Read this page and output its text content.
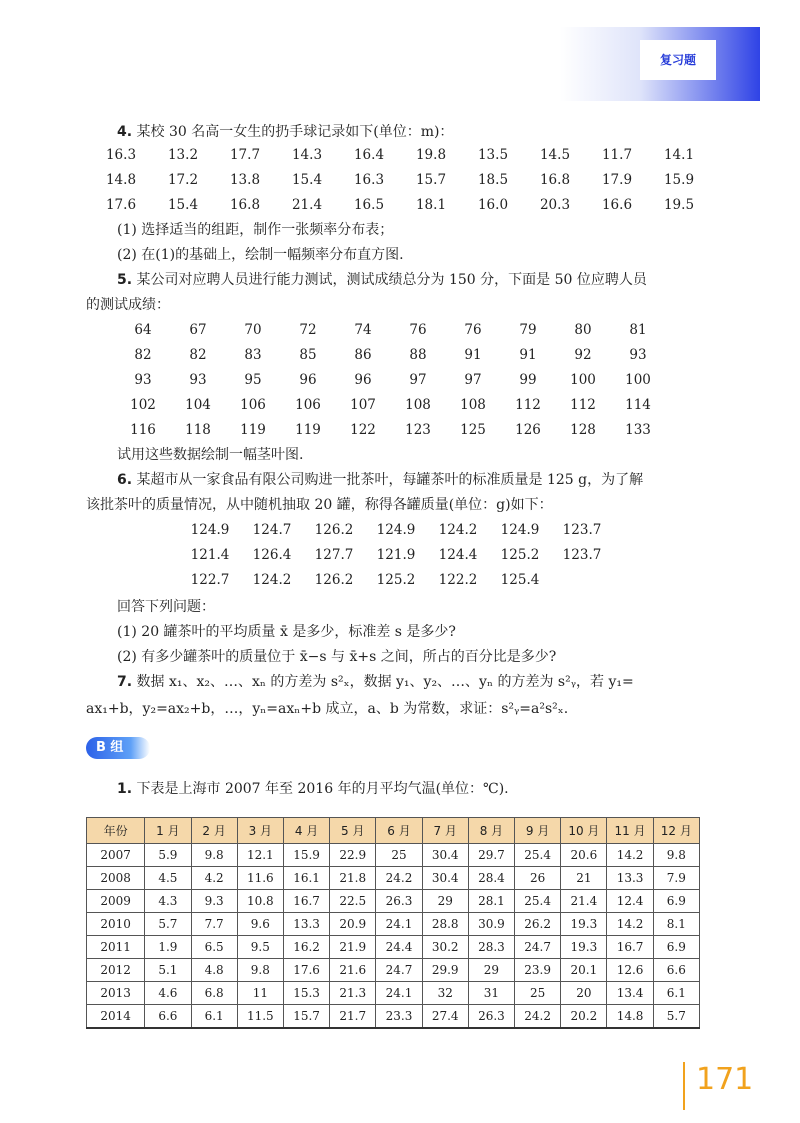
复习题
4. 某校 30 名高一女生的扔手球记录如下(单位：m)：
16.3	13.2	17.7	14.3	16.4	19.8	13.5	14.5	11.7	14.1
14.8	17.2	13.8	15.4	16.3	15.7	18.5	16.8	17.9	15.9
17.6	15.4	16.8	21.4	16.5	18.1	16.0	20.3	16.6	19.5
(1) 选择适当的组距，制作一张频率分布表；
(2) 在(1)的基础上，绘制一幅频率分布直方图.
5. 某公司对应聘人员进行能力测试，测试成绩总分为 150 分，下面是 50 位应聘人员
的测试成绩：
64	67	70	72	74	76	76	79	80	81
82	82	83	85	86	88	91	91	92	93
93	93	95	96	96	97	97	99	100	100
102	104	106	106	107	108	108	112	112	114
116	118	119	119	122	123	125	126	128	133
试用这些数据绘制一幅茎叶图.
6. 某超市从一家食品有限公司购进一批茶叶，每罐茶叶的标准质量是 125 g，为了解
该批茶叶的质量情况，从中随机抽取 20 罐，称得各罐质量(单位：g)如下：
124.9	124.7	126.2	124.9	124.2	124.9	123.7
121.4	126.4	127.7	121.9	124.4	125.2	123.7
122.7	124.2	126.2	125.2	122.2	125.4
回答下列问题：
(1) 20 罐茶叶的平均质量 x̄ 是多少，标准差 s 是多少?
(2) 有多少罐茶叶的质量位于 x̄−s 与 x̄+s 之间，所占的百分比是多少?
7. 数据 x₁、x₂、…、xₙ 的方差为 s²ₓ，数据 y₁、y₂、…、yₙ 的方差为 s²ᵧ，若 y₁=
ax₁+b，y₂=ax₂+b，…，yₙ=axₙ+b 成立，a、b 为常数，求证：s²ᵧ=a²s²ₓ.
B 组
1. 下表是上海市 2007 年至 2016 年的月平均气温(单位：℃).
年份	1 月	2 月	3 月	4 月	5 月	6 月	7 月	8 月	9 月	10 月	11 月	12 月
2007	5.9	9.8	12.1	15.9	22.9	25	30.4	29.7	25.4	20.6	14.2	9.8
2008	4.5	4.2	11.6	16.1	21.8	24.2	30.4	28.4	26	21	13.3	7.9
2009	4.3	9.3	10.8	16.7	22.5	26.3	29	28.1	25.4	21.4	12.4	6.9
2010	5.7	7.7	9.6	13.3	20.9	24.1	28.8	30.9	26.2	19.3	14.2	8.1
2011	1.9	6.5	9.5	16.2	21.9	24.4	30.2	28.3	24.7	19.3	16.7	6.9
2012	5.1	4.8	9.8	17.6	21.6	24.7	29.9	29	23.9	20.1	12.6	6.6
2013	4.6	6.8	11	15.3	21.3	24.1	32	31	25	20	13.4	6.1
2014	6.6	6.1	11.5	15.7	21.7	23.3	27.4	26.3	24.2	20.2	14.8	5.7
171
